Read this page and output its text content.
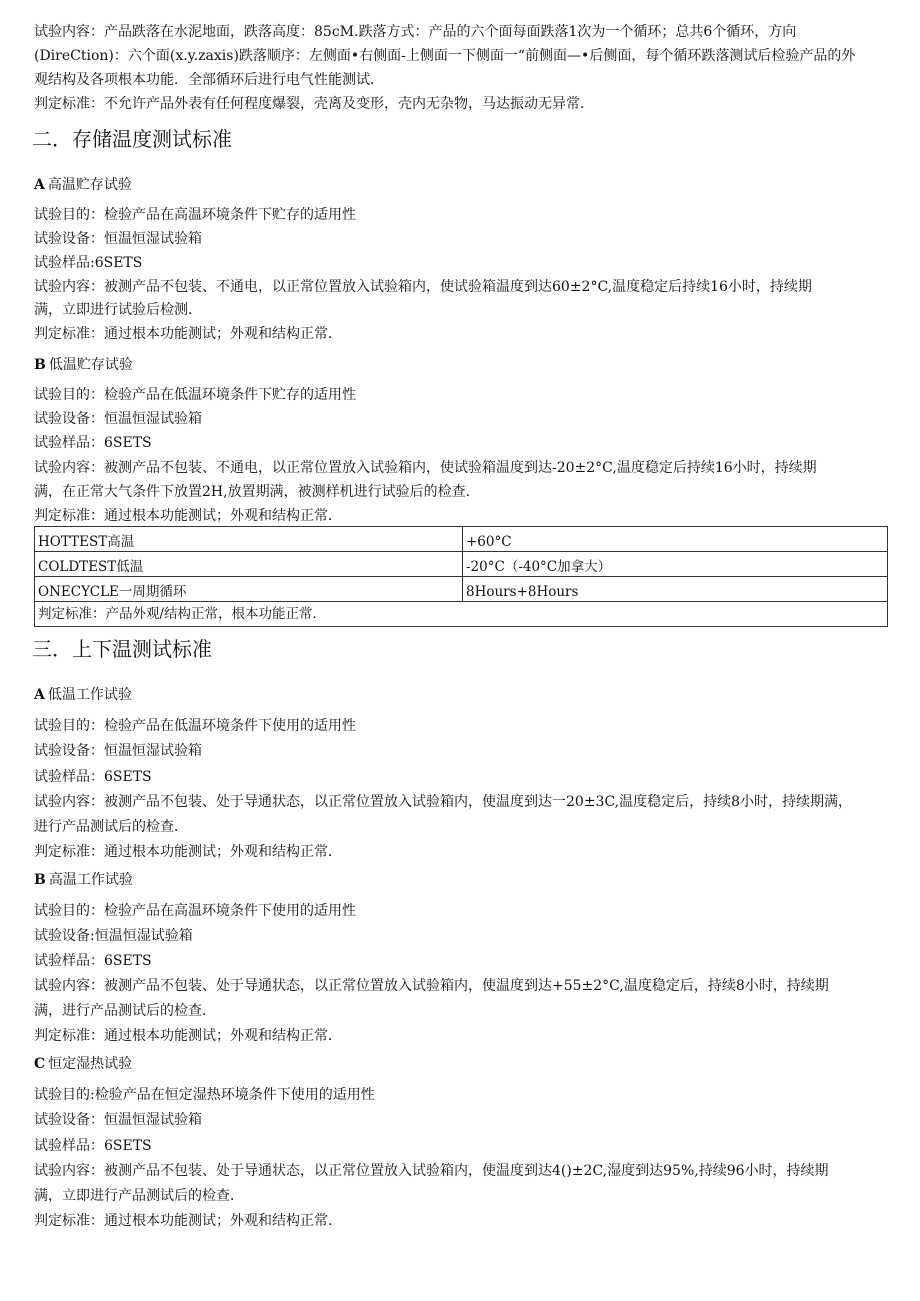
试验内容：产品跌落在水泥地面，跌落高度：85cM.跌落方式：产品的六个面每面跌落1次为一个循环；总共6个循环，方向
(DireCtion)：六个面(x.y.zaxis)跌落顺序：左侧面•右侧面-上侧面一下侧面一“前侧面—•后侧面，每个循环跌落测试后检验产品的外
观结构及各项根本功能．全部循环后进行电气性能测试．
判定标准：不允许产品外表有任何程度爆裂，壳离及变形，壳内无杂物，马达振动无异常．
二．存储温度测试标准
A 高温贮存试验
试验目的：检验产品在高温环境条件下贮存的适用性
试验设备：恒温恒湿试验箱
试验样品:6SETS
试验内容：被测产品不包装、不通电，以正常位置放入试验箱内，使试验箱温度到达60±2°C,温度稳定后持续16小时，持续期
满，立即进行试验后检测．
判定标准：通过根本功能测试；外观和结构正常．
B 低温贮存试验
试验目的：检验产品在低温环境条件下贮存的适用性
试验设备：恒温恒湿试验箱
试验样品：6SETS
试验内容：被测产品不包装、不通电，以正常位置放入试验箱内，使试验箱温度到达-20±2°C,温度稳定后持续16小时，持续期
满，在正常大气条件下放置2H,放置期满，被测样机进行试验后的检查．
判定标准：通过根本功能测试；外观和结构正常．
HOTTEST高温	+60°C
COLDTEST低温	-20°C（-40°C加拿大）
ONECYCLE一周期循环	8Hours+8Hours
判定标准：产品外观/结构正常，根本功能正常．	
三．上下温测试标准
A 低温工作试验
试验目的：检验产品在低温环境条件下使用的适用性
试验设备：恒温恒湿试验箱
试验样品：6SETS
试验内容：被测产品不包装、处于导通状态，以正常位置放入试验箱内，使温度到达一20±3C,温度稳定后，持续8小时，持续期满，
进行产品测试后的检查．
判定标准：通过根本功能测试；外观和结构正常．
B 高温工作试验
试验目的：检验产品在高温环境条件下使用的适用性
试验设备:恒温恒湿试验箱
试验样品：6SETS
试验内容：被测产品不包装、处于导通状态，以正常位置放入试验箱内，使温度到达+55±2°C,温度稳定后，持续8小时，持续期
满，进行产品测试后的检查．
判定标准：通过根本功能测试；外观和结构正常．
C 恒定湿热试验
试验目的:检验产品在恒定湿热环境条件下使用的适用性
试验设备：恒温恒湿试验箱
试验样品：6SETS
试验内容：被测产品不包装、处于导通状态，以正常位置放入试验箱内，使温度到达4()±2C,湿度到达95%,持续96小时，持续期
满，立即进行产品测试后的检查．
判定标准：通过根本功能测试；外观和结构正常．
